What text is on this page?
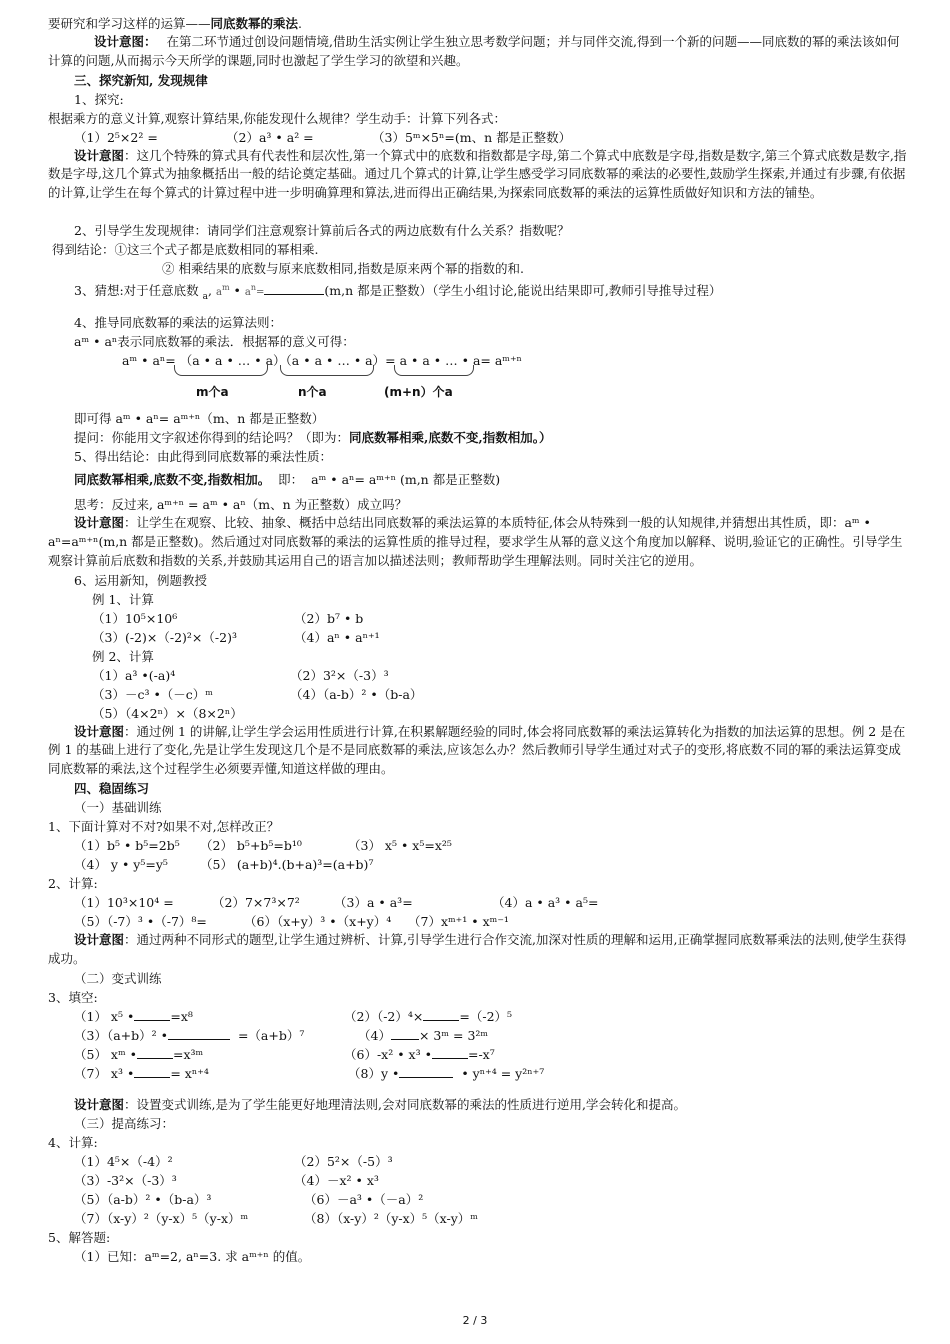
要研究和学习这样的运算——同底数幂的乘法.
设计意图： 在第二环节通过创设问题情境,借助生活实例让学生独立思考数学问题；并与同伴交流,得到一个新的问题——同底数的幂的乘法该如何计算的问题,从而揭示今天所学的课题,同时也激起了学生学习的欲望和兴趣。
三、探究新知, 发现规律
1、探究:
根据乘方的意义计算,观察计算结果,你能发现什么规律？学生动手：计算下列各式：
（1）2⁵×2² =	（2）a³ • a² =	（3）5ᵐ×5ⁿ=(m、n 都是正整数）
设计意图：这几个特殊的算式具有代表性和层次性,第一个算式中的底数和指数都是字母,第二个算式中底数是字母,指数是数字,第三个算式底数是数字,指数是字母,这几个算式为抽象概括出一般的结论奠定基础。通过几个算式的计算,让学生感受学习同底数幂的乘法的必要性,鼓励学生探索,并通过有步骤,有依据的计算,让学生在每个算式的计算过程中进一步明确算理和算法,进而得出正确结果,为探索同底数幂的乘法的运算性质做好知识和方法的铺垫。
2、引导学生发现规律：请同学们注意观察计算前后各式的两边底数有什么关系？指数呢？
得到结论：①这三个式子都是底数相同的幂相乘.
② 相乘结果的底数与原来底数相同,指数是原来两个幂的指数的和.
3、猜想:对于任意底数 $_a$, $a^m$ • $a^n=$	(m,n 都是正整数）（学生小组讨论,能说出结果即可,教师引导推导过程）
4、推导同底数幂的乘法的运算法则：
aᵐ • aⁿ表示同底数幂的乘法．根据幂的意义可得：
aᵐ • aⁿ= （a • a • … • a）（a • a • … • a）= a • a • … • a= aᵐ⁺ⁿ
m个a	n个a	(m+n）个a
即可得 aᵐ • aⁿ= aᵐ⁺ⁿ（m、n 都是正整数）
提问：你能用文字叙述你得到的结论吗？（即为：同底数幂相乘,底数不变,指数相加。）
5、得出结论：由此得到同底数幂的乘法性质：
同底数幂相乘,底数不变,指数相加。 即： aᵐ • aⁿ= aᵐ⁺ⁿ (m,n 都是正整数)
思考：反过来, aᵐ⁺ⁿ = aᵐ • aⁿ（m、n 为正整数）成立吗？
设计意图：让学生在观察、比较、抽象、概括中总结出同底数幂的乘法运算的本质特征,体会从特殊到一般的认知规律,并猜想出其性质，即：aᵐ • aⁿ=aᵐ⁺ⁿ(m,n 都是正整数)。然后通过对同底数幂的乘法的运算性质的推导过程，要求学生从幂的意义这个角度加以解释、说明,验证它的正确性。引导学生观察计算前后底数和指数的关系,并鼓励其运用自己的语言加以描述法则；教师帮助学生理解法则。同时关注它的逆用。
6、运用新知，例题教授
例 1、计算
（1）10⁵×10⁶	（2）b⁷ • b
（3）(-2)×（-2)²×（-2)³	（4）aⁿ • aⁿ⁺¹
例 2、计算
（1）a³ •(-a)⁴	（2）3²×（-3）³
（3）－c³ •（－c）ᵐ	（4）（a-b）² •（b-a）
（5）（4×2ⁿ）×（8×2ⁿ）
设计意图：通过例 1 的讲解,让学生学会运用性质进行计算,在积累解题经验的同时,体会将同底数幂的乘法运算转化为指数的加法运算的思想。例 2 是在例 1 的基础上进行了变化,先是让学生发现这几个是不是同底数幂的乘法,应该怎么办？然后教师引导学生通过对式子的变形,将底数不同的幂的乘法运算变成同底数幂的乘法,这个过程学生必须要弄懂,知道这样做的理由。
四、稳固练习
（一）基础训练
1、下面计算对不对?如果不对,怎样改正？
（1）b⁵ • b⁵=2b⁵ （2） b⁵+b⁵=b¹⁰	（3） x⁵ • x⁵=x²⁵
（4） y • y⁵=y⁵	（5） (a+b)⁴.(b+a)³=(a+b)⁷
2、计算:
（1）10³×10⁴ =	（2）7×7³×7²	（3）a • a³=	（4）a • a³ • a⁵=
（5）（-7）³ •（-7）⁸=	（6）（x+y）³ •（x+y）⁴ （7）xᵐ⁺¹ • xᵐ⁻¹
设计意图：通过两种不同形式的题型,让学生通过辨析、计算,引导学生进行合作交流,加深对性质的理解和运用,正确掌握同底数幂乘法的法则,使学生获得成功。
（二）变式训练
3、填空:
（1） x⁵ •	=x⁸	（2）（-2）⁴×	=（-2）⁵
（3）（a+b）² •	=（a+b）⁷	（4） × 3ᵐ = 3²ᵐ
（5） xᵐ •	=x³ᵐ	（6）-x² • x³ •	=-x⁷
（7） x³ •	= xⁿ⁺⁴	（8）y •	• yⁿ⁺⁴ = y²ⁿ⁺⁷
设计意图：设置变式训练,是为了学生能更好地理清法则,会对同底数幂的乘法的性质进行逆用,学会转化和提高。
（三）提高练习：
4、计算:
（1）4⁵×（-4）²	（2）5²×（-5）³
（3）-3²×（-3）³	（4）－x² • x³
（5）（a-b）² •（b-a）³	（6）－a³ •（－a）²
（7）（x-y）²（y-x）⁵（y-x）ᵐ	（8）（x-y）²（y-x）⁵（x-y）ᵐ
5、解答题:
（1）已知：aᵐ=2, aⁿ=3. 求 aᵐ⁺ⁿ 的值。
2 / 3
